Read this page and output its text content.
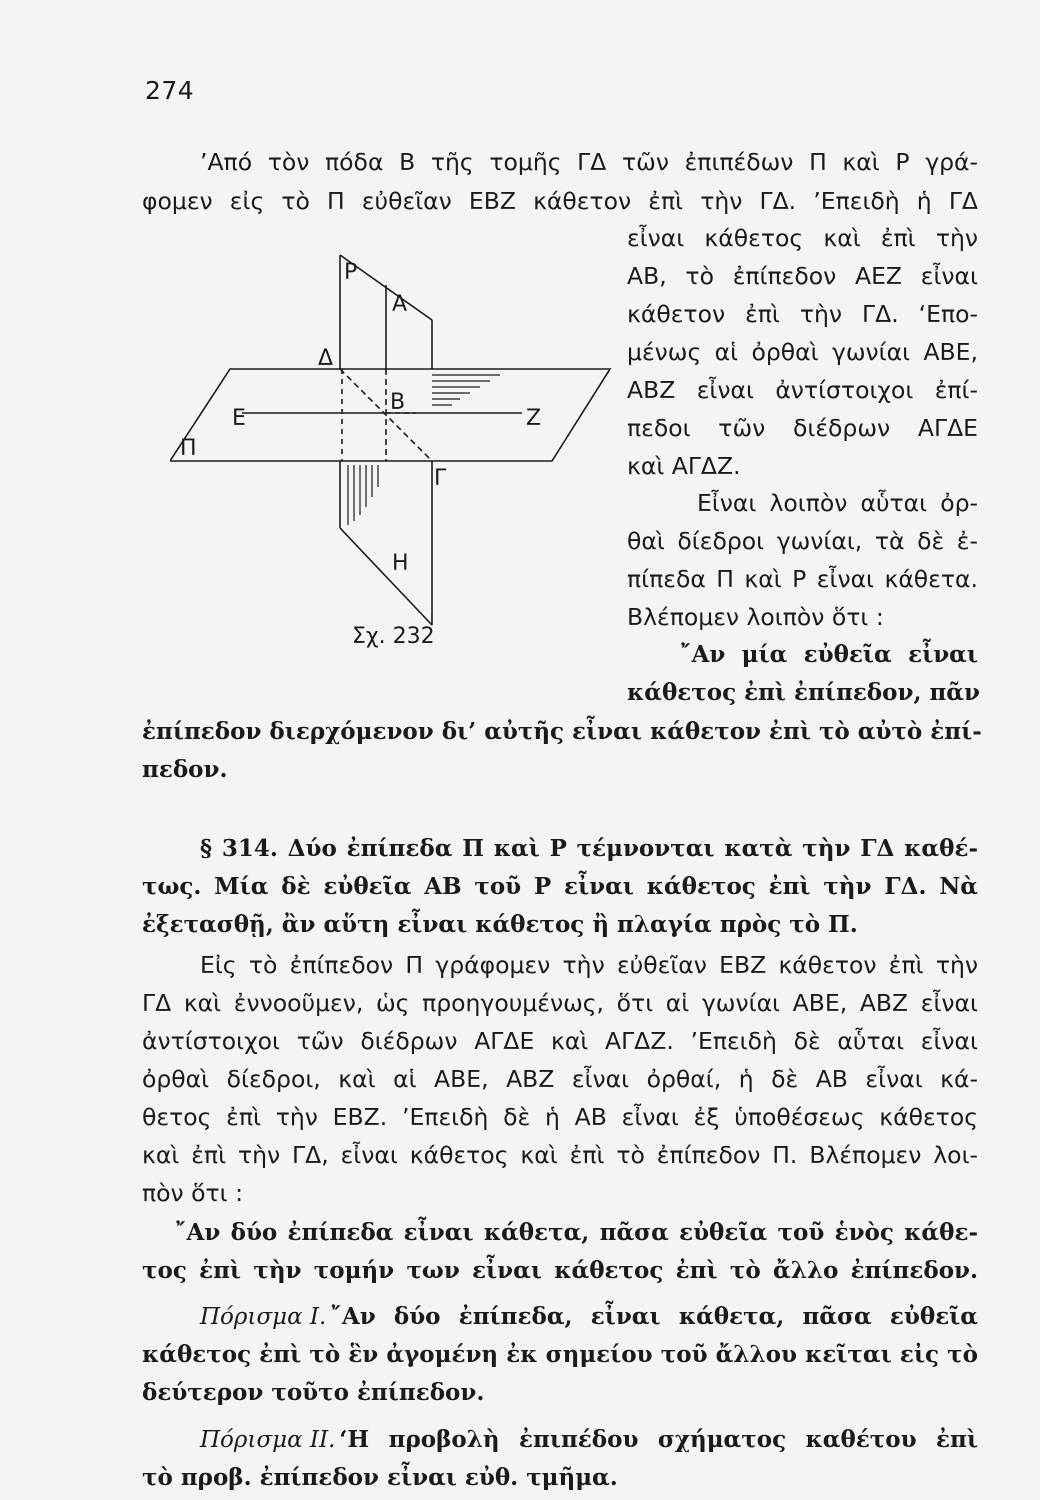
274
’Από τὸν πόδα Β τῆς τομῆς ΓΔ τῶν ἐπιπέδων Π καὶ Ρ γρά-
φομεν εἰς τὸ Π εὐθεῖαν ΕΒΖ κάθετον ἐπὶ τὴν ΓΔ. ’Επειδὴ ἡ ΓΔ
εἶναι κάθετος καὶ ἐπὶ τὴν
ΑΒ, τὸ ἐπίπεδον ΑΕΖ εἶναι
κάθετον ἐπὶ τὴν ΓΔ. ‘Επο-
μένως αἱ ὀρθαὶ γωνίαι ΑΒΕ,
ΑΒΖ εἶναι ἀντίστοιχοι ἐπί-
πεδοι τῶν διέδρων ΑΓΔΕ
καὶ ΑΓΔΖ.
Εἶναι λοιπὸν αὗται ὀρ-
θαὶ δίεδροι γωνίαι, τὰ δὲ ἐ-
πίπεδα Π καὶ Ρ εἶναι κάθετα.
Βλέπομεν λοιπὸν ὅτι :
῎Αν μία εὐθεῖα εἶναι
κάθετος ἐπὶ ἐπίπεδον, πᾶν
Ρ
Α
Δ
Β
Ε	Ζ
Π
Γ
Η
Σχ. 232
ἐπίπεδον διερχόμενον δι’ αὐτῆς εἶναι κάθετον ἐπὶ τὸ αὐτὸ ἐπί-
πεδον.
§ 314. Δύο ἐπίπεδα Π καὶ Ρ τέμνονται κατὰ τὴν ΓΔ καθέ-
τως. Μία δὲ εὐθεῖα ΑΒ τοῦ Ρ εἶναι κάθετος ἐπὶ τὴν ΓΔ. Νὰ
ἐξετασθῇ, ἂν αὕτη εἶναι κάθετος ἢ πλαγία πρὸς τὸ Π.
Εἰς τὸ ἐπίπεδον Π γράφομεν τὴν εὐθεῖαν ΕΒΖ κάθετον ἐπὶ τὴν
ΓΔ καὶ ἐννοοῦμεν, ὡς προηγουμένως, ὅτι αἱ γωνίαι ΑΒΕ, ΑΒΖ εἶναι
ἀντίστοιχοι τῶν διέδρων ΑΓΔΕ καὶ ΑΓΔΖ. ’Επειδὴ δὲ αὗται εἶναι
ὀρθαὶ δίεδροι, καὶ αἱ ΑΒΕ, ΑΒΖ εἶναι ὀρθαί, ἡ δὲ ΑΒ εἶναι κά-
θετος ἐπὶ τὴν ΕΒΖ. ’Επειδὴ δὲ ἡ ΑΒ εἶναι ἐξ ὑποθέσεως κάθετος
καὶ ἐπὶ τὴν ΓΔ, εἶναι κάθετος καὶ ἐπὶ τὸ ἐπίπεδον Π. Βλέπομεν λοι-
πὸν ὅτι :
῎Αν δύο ἐπίπεδα εἶναι κάθετα, πᾶσα εὐθεῖα τοῦ ἑνὸς κάθε-
τος ἐπὶ τὴν τομήν των εἶναι κάθετος ἐπὶ τὸ ἄλλο ἐπίπεδον.
Πόρισμα Ι. ῎Αν δύο ἐπίπεδα, εἶναι κάθετα, πᾶσα εὐθεῖα
κάθετος ἐπὶ τὸ ἓν ἀγομένη ἐκ σημείου τοῦ ἄλλου κεῖται εἰς τὸ
δεύτερον τοῦτο ἐπίπεδον.
Πόρισμα ΙΙ. ‘Η προβολὴ ἐπιπέδου σχήματος καθέτου ἐπὶ
τὸ προβ. ἐπίπεδον εἶναι εὐθ. τμῆμα.
